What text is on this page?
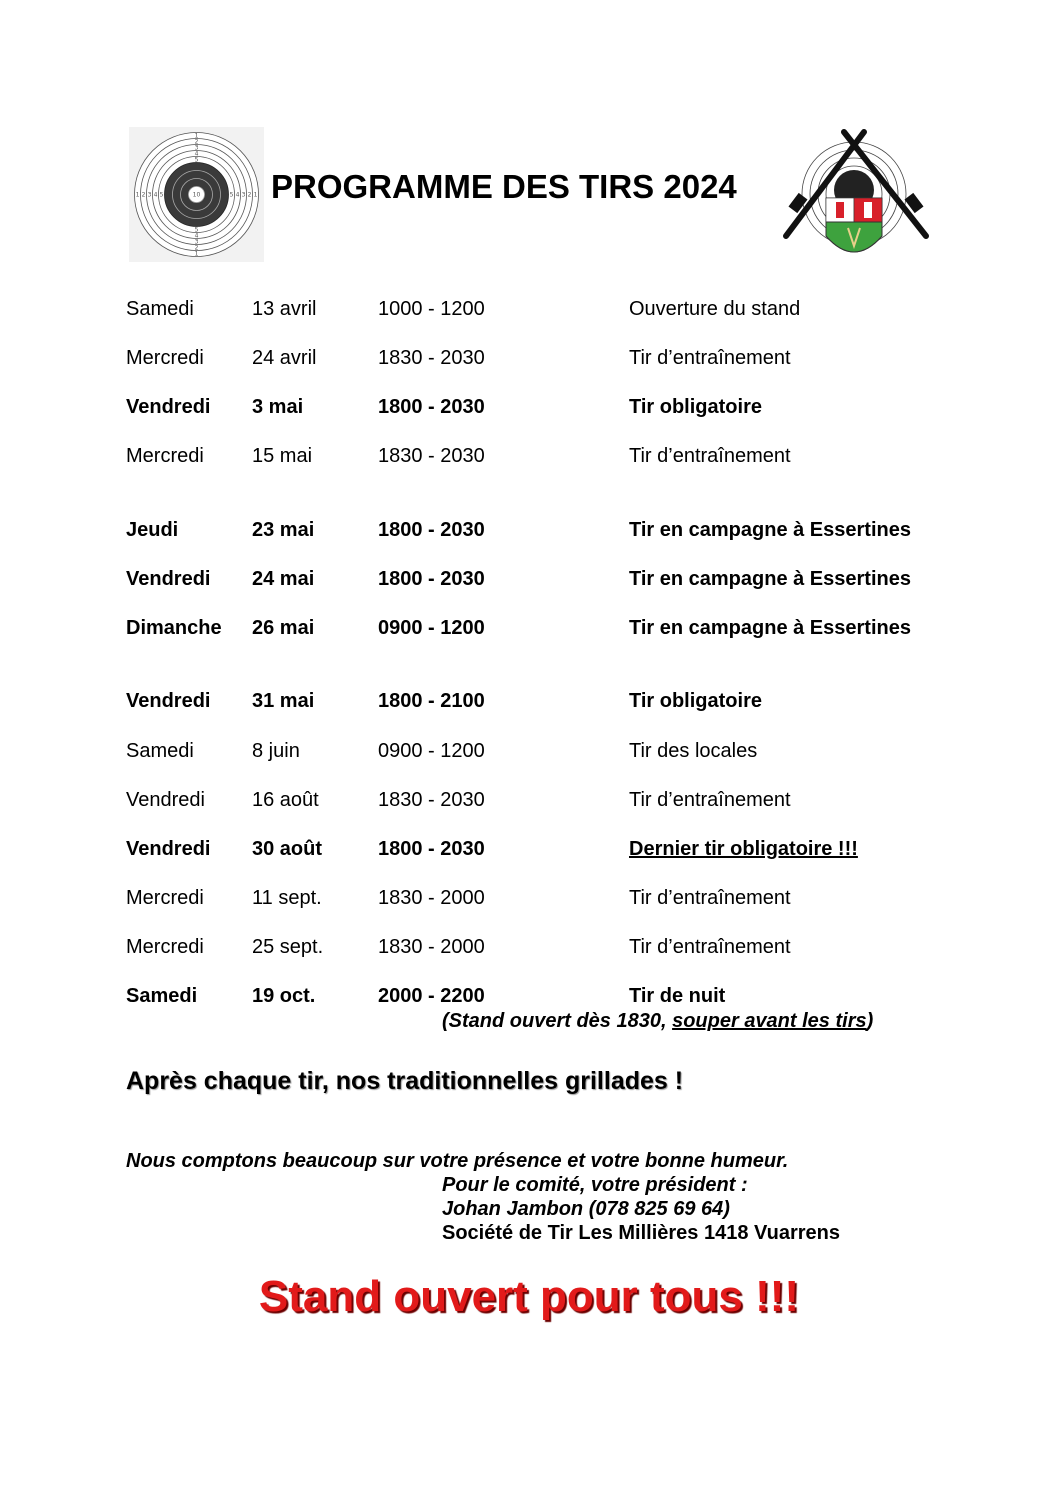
1
1
1	1
2
2
2	2
3
3
3	3
4
4
4	4
5
5
5	5
10 PROGRAMME DES TIRS 2024
Samedi	13 avril	1000 - 1200	Ouverture du stand
Mercredi 24 avril	1830 - 2030	Tir d’entraînement
Vendredi 3 mai	1800 - 2030	Tir obligatoire
Mercredi 15 mai	1830 - 2030	Tir d’entraînement
Jeudi	23 mai	1800 - 2030	Tir en campagne à Essertines
Vendredi 24 mai	1800 - 2030	Tir en campagne à Essertines
Dimanche 26 mai	0900 - 1200	Tir en campagne à Essertines
Vendredi 31 mai	1800 - 2100	Tir obligatoire
Samedi	8 juin	0900 - 1200	Tir des locales
Vendredi 16 août	1830 - 2030	Tir d’entraînement
Vendredi 30 août	1800 - 2030	Dernier tir obligatoire !!!
Mercredi 11 sept.	1830 - 2000	Tir d’entraînement
Mercredi 25 sept.	1830 - 2000	Tir d’entraînement
Samedi	19 oct.	2000 - 2200	Tir de nuit
(Stand ouvert dès 1830, souper avant les tirs)
Après chaque tir, nos traditionnelles grillades !
Nous comptons beaucoup sur votre présence et votre bonne humeur.
Pour le comité, votre président :
Johan Jambon (078 825 69 64)
Société de Tir Les Millières 1418 Vuarrens
Stand ouvert pour tous !!!
